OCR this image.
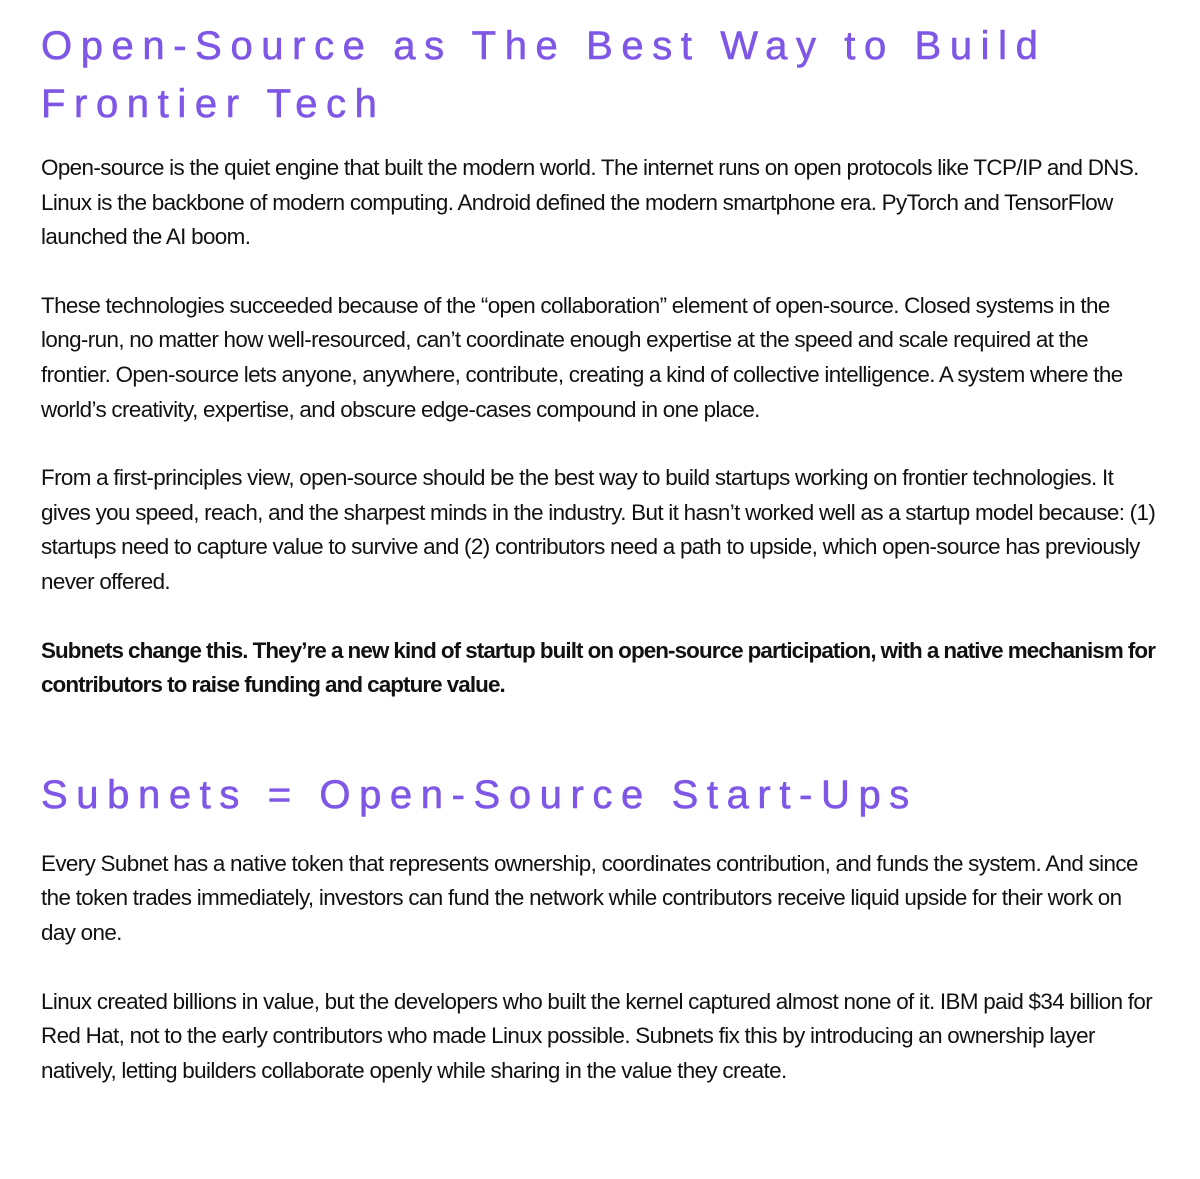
Open-Source as The Best Way to Build Frontier Tech

Open-source is the quiet engine that built the modern world. The internet runs on open protocols like TCP/IP and DNS. Linux is the backbone of modern computing. Android defined the modern smartphone era. PyTorch and TensorFlow launched the AI boom.

These technologies succeeded because of the “open collaboration” element of open-source. Closed systems in the long-run, no matter how well-resourced, can’t coordinate enough expertise at the speed and scale required at the frontier. Open-source lets anyone, anywhere, contribute, creating a kind of collective intelligence. A system where the world’s creativity, expertise, and obscure edge-cases compound in one place.

From a first-principles view, open-source should be the best way to build startups working on frontier technologies. It gives you speed, reach, and the sharpest minds in the industry. But it hasn’t worked well as a startup model because: (1) startups need to capture value to survive and (2) contributors need a path to upside, which open-source has previously never offered.

Subnets change this. They’re a new kind of startup built on open-source participation, with a native mechanism for contributors to raise funding and capture value.

Subnets = Open-Source Start-Ups

Every Subnet has a native token that represents ownership, coordinates contribution, and funds the system. And since the token trades immediately, investors can fund the network while contributors receive liquid upside for their work on day one.

Linux created billions in value, but the developers who built the kernel captured almost none of it. IBM paid $34 billion for Red Hat, not to the early contributors who made Linux possible. Subnets fix this by introducing an ownership layer natively, letting builders collaborate openly while sharing in the value they create.
